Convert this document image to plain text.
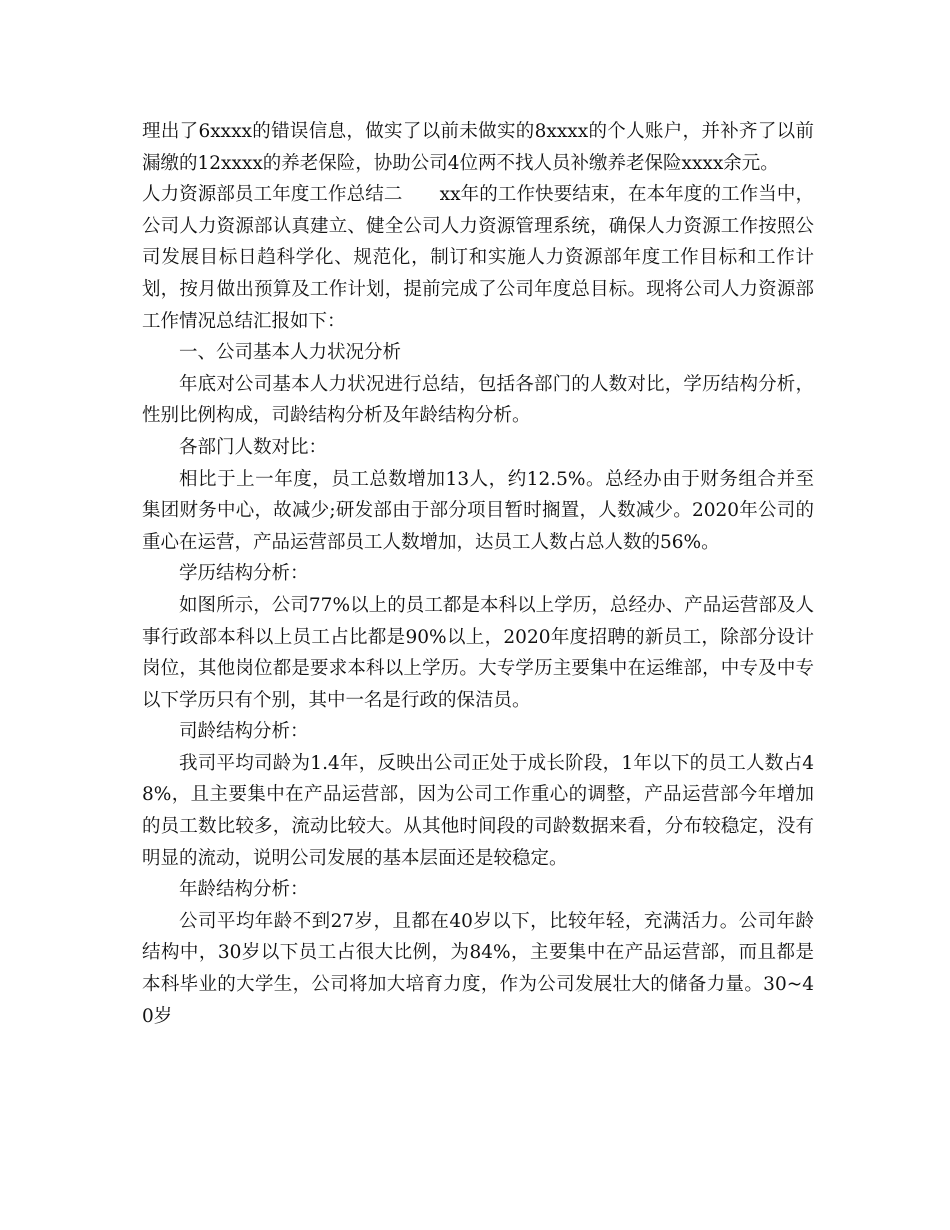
理出了6xxxx的错误信息，做实了以前未做实的8xxxx的个人账户，并补齐了以前漏缴的12xxxx的养老保险，协助公司4位两不找人员补缴养老保险xxxx余元。

人力资源部员工年度工作总结二　　xx年的工作快要结束，在本年度的工作当中，公司人力资源部认真建立、健全公司人力资源管理系统，确保人力资源工作按照公司发展目标日趋科学化、规范化，制订和实施人力资源部年度工作目标和工作计划，按月做出预算及工作计划，提前完成了公司年度总目标。现将公司人力资源部工作情况总结汇报如下：

一、公司基本人力状况分析

年底对公司基本人力状况进行总结，包括各部门的人数对比，学历结构分析，性别比例构成，司龄结构分析及年龄结构分析。

各部门人数对比：

相比于上一年度，员工总数增加13人，约12.5%。总经办由于财务组合并至集团财务中心，故减少;研发部由于部分项目暂时搁置，人数减少。2020年公司的重心在运营，产品运营部员工人数增加，达员工人数占总人数的56%。

学历结构分析：

如图所示，公司77%以上的员工都是本科以上学历，总经办、产品运营部及人事行政部本科以上员工占比都是90%以上，2020年度招聘的新员工，除部分设计岗位，其他岗位都是要求本科以上学历。大专学历主要集中在运维部，中专及中专以下学历只有个别，其中一名是行政的保洁员。

司龄结构分析：

我司平均司龄为1.4年，反映出公司正处于成长阶段，1年以下的员工人数占48%，且主要集中在产品运营部，因为公司工作重心的调整，产品运营部今年增加的员工数比较多，流动比较大。从其他时间段的司龄数据来看，分布较稳定，没有明显的流动，说明公司发展的基本层面还是较稳定。

年龄结构分析：

公司平均年龄不到27岁，且都在40岁以下，比较年轻，充满活力。公司年龄结构中，30岁以下员工占很大比例，为84%，主要集中在产品运营部，而且都是本科毕业的大学生，公司将加大培育力度，作为公司发展壮大的储备力量。30~40岁
